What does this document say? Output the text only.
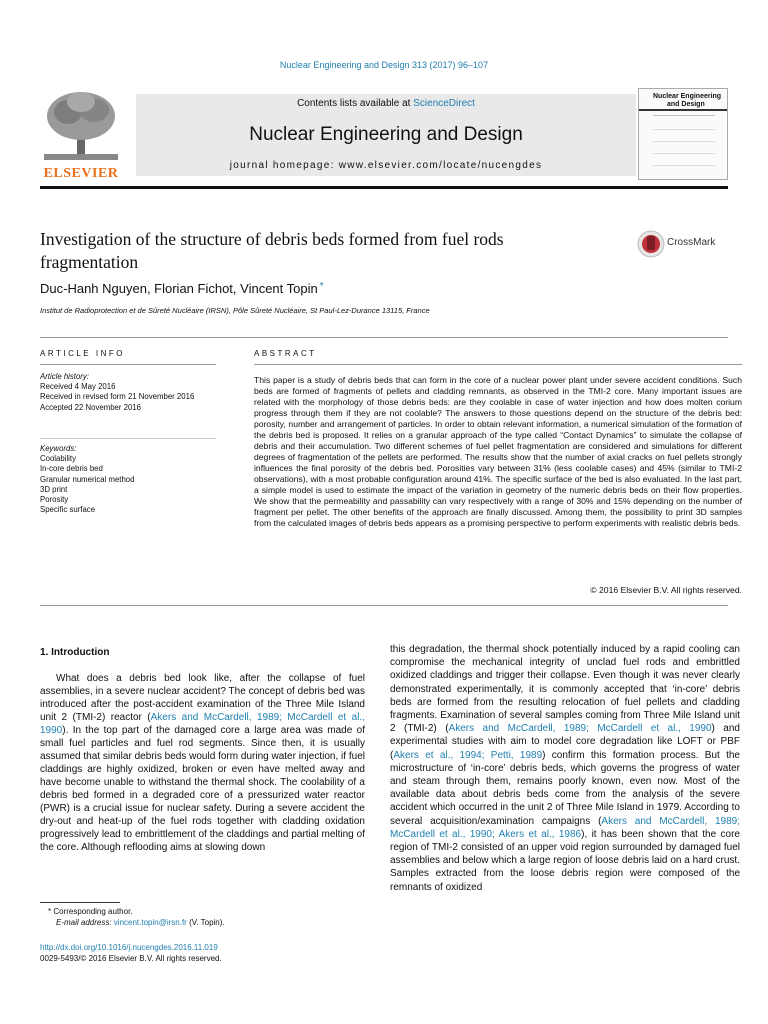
Nuclear Engineering and Design 313 (2017) 96–107
ELSEVIER
Contents lists available at ScienceDirect
Nuclear Engineering and Design
journal homepage: www.elsevier.com/locate/nucengdes
Nuclear Engineering
and Design
Investigation of the structure of debris beds formed from fuel rods fragmentation
CrossMark
Duc-Hanh Nguyen, Florian Fichot, Vincent Topin *
Institut de Radioprotection et de Sûreté Nucléaire (IRSN), Pôle Sûreté Nucléaire, St Paul-Lez-Durance 13115, France
ARTICLE INFO	ABSTRACT
Article history:
Received 4 May 2016
Received in revised form 21 November 2016
Accepted 22 November 2016
Keywords:
Coolability
In-core debris bed
Granular numerical method
3D print
Porosity
Specific surface
This paper is a study of debris beds that can form in the core of a nuclear power plant under severe accident conditions. Such beds are formed of fragments of pellets and cladding remnants, as observed in the TMI-2 core. Many important issues are related with the morphology of those debris beds: are they coolable in case of water injection and how does molten corium progress through them if they are not coolable? The answers to those questions depend on the structure of the debris bed: porosity, number and arrangement of particles. In order to obtain relevant information, a numerical simulation of the formation of the debris bed is proposed. It relies on a granular approach of the type called “Contact Dynamics” to simulate the collapse of debris and their accumulation. Two different schemes of fuel pellet fragmentation are considered and simulations for different degrees of fragmentation of the pellets are performed. The results show that the number of axial cracks on fuel pellets strongly influences the final porosity of the debris bed. Porosities vary between 31% (less coolable cases) and 45% (similar to TMI-2 observations), with a most probable configuration around 41%. The specific surface of the bed is also evaluated. In the last part, a simple model is used to estimate the impact of the variation in geometry of the numeric debris beds on their flow properties. We show that the permeability and passability can vary respectively with a range of 30% and 15% depending on the number of fragment per pellet. The other benefits of the approach are finally discussed. Among them, the possibility to print 3D samples from the calculated images of debris beds appears as a promising perspective to perform experiments with realistic debris beds.
© 2016 Elsevier B.V. All rights reserved.
1. Introduction
What does a debris bed look like, after the collapse of fuel assemblies, in a severe nuclear accident? The concept of debris bed was introduced after the post-accident examination of the Three Mile Island unit 2 (TMI-2) reactor (Akers and McCardell, 1989; McCardell et al., 1990). In the top part of the damaged core a large area was made of small fuel particles and fuel rod segments. Since then, it is usually assumed that similar debris beds would form during water injection, if fuel claddings are highly oxidized, broken or even have melted away and have become unable to withstand the thermal shock. The coolability of a debris bed formed in a degraded core of a pressurized water reactor (PWR) is a crucial issue for nuclear safety. During a severe accident the dry-out and heat-up of the fuel rods together with cladding oxidation progressively lead to embrittlement of the claddings and partial melting of the core. Although reflooding aims at slowing down
this degradation, the thermal shock potentially induced by a rapid cooling can compromise the mechanical integrity of unclad fuel rods and embrittled oxidized claddings and trigger their collapse. Even though it was never clearly demonstrated experimentally, it is commonly accepted that ‘in-core’ debris beds are formed from the resulting relocation of fuel pellets and cladding fragments. Examination of several samples coming from Three Mile Island unit 2 (TMI-2) (Akers and McCardell, 1989; McCardell et al., 1990) and experimental studies with aim to model core degradation like LOFT or PBF (Akers et al., 1994; Petti, 1989) confirm this formation process. But the microstructure of ‘in-core’ debris beds, which governs the progress of water and steam through them, remains poorly known, even now. Most of the available data about debris beds come from the analysis of the severe accident which occurred in the unit 2 of Three Mile Island in 1979. According to several acquisition/examination campaigns (Akers and McCardell, 1989; McCardell et al., 1990; Akers et al., 1986), it has been shown that the core region of TMI-2 consisted of an upper void region surrounded by damaged fuel assemblies and below which a large region of loose debris laid on a hard crust. Samples extracted from the loose debris region were composed of the remnants of oxidized
* Corresponding author.
E-mail address: vincent.topin@irsn.fr (V. Topin).
http://dx.doi.org/10.1016/j.nucengdes.2016.11.019
0029-5493/© 2016 Elsevier B.V. All rights reserved.
